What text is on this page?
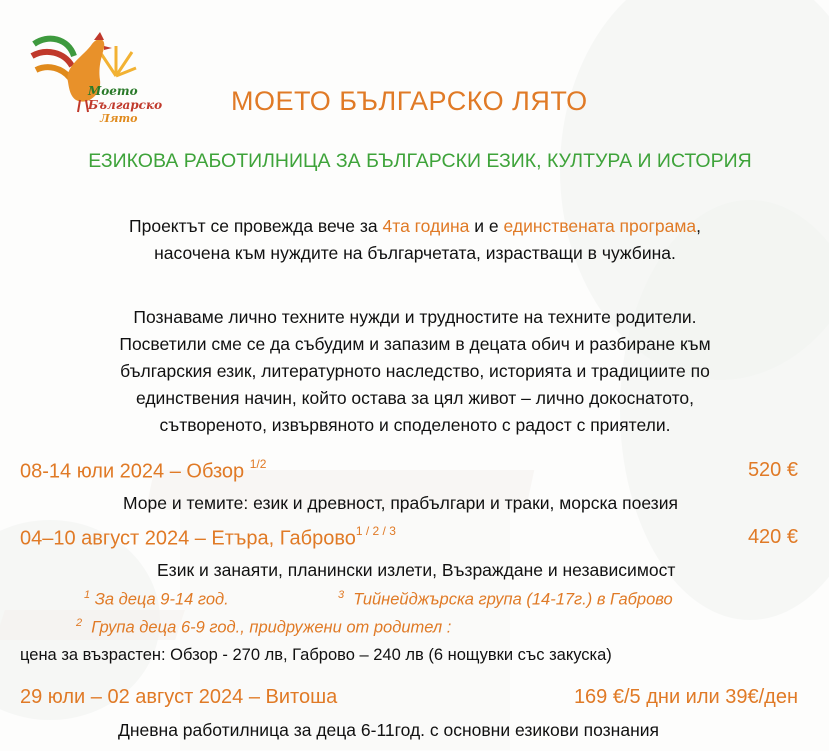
Моето
Българско
Лято
МОЕТО БЪЛГАРСКО ЛЯТО
ЕЗИКОВА РАБОТИЛНИЦА ЗА БЪЛГАРСКИ ЕЗИК, КУЛТУРА И ИСТОРИЯ
Проектът се провежда вече за 4та година и е единствената програма,
насочена към нуждите на българчетата, израстващи в чужбина.
Познаваме лично техните нужди и трудностите на техните родители.
Посветили сме се да събудим и запазим в децата обич и разбиране към
българския език, литературното наследство, историята и традициите по
единствения начин, който остава за цял живот – лично докоснатото,
сътвореното, извървяното и споделеното с радост с приятели.
08-14 юли 2024 – Обзор $^{1/2}$	520 €
Море и темите: език и древност, прабългари и траки, морска поезия
04–10 август 2024 – Етъра, Габрово$^{1 / 2 / 3}$	420 €
Език и занаяти, планински излети, Възраждане и независимост
$^1$ За деца 9-14 год.	$^3$ Тийнейджърска група (14-17г.) в Габрово
$^2$ Група деца 6-9 год., придружени от родител :
цена за възрастен: Обзор - 270 лв, Габрово – 240 лв (6 нощувки със закуска)
29 юли – 02 август 2024 – Витоша	169 €/5 дни или 39€/ден
Дневна работилница за деца 6-11год. с основни езикови познания
